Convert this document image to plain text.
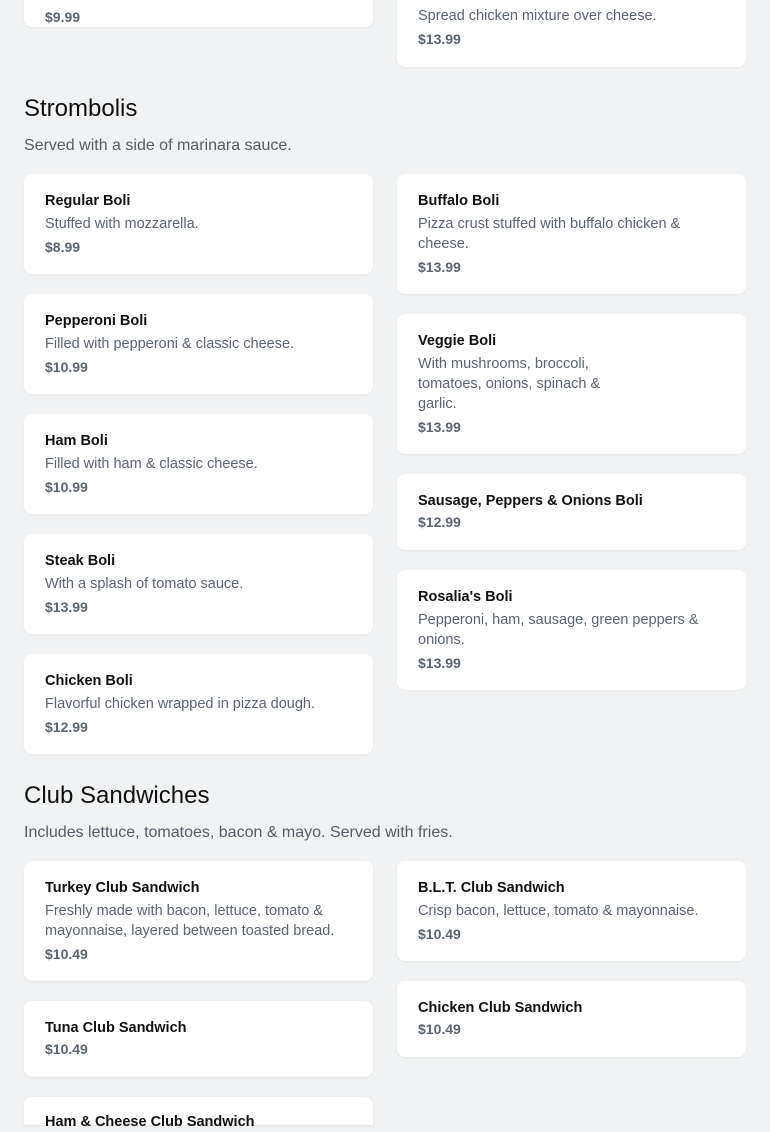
$9.99	Spread chicken mixture over cheese.
$13.99
Strombolis

Served with a side of marinara sauce.

Regular Boli
Stuffed with mozzarella.
$8.99
Buffalo Boli
Pizza crust stuffed with buffalo chicken & cheese.
$13.99
Pepperoni Boli
Filled with pepperoni & classic cheese.
$10.99
Veggie Boli
With mushrooms, broccoli, tomatoes, onions, spinach & garlic.
$13.99
Ham Boli
Filled with ham & classic cheese.
$10.99
Sausage, Peppers & Onions Boli
$12.99
Steak Boli
With a splash of tomato sauce.
$13.99
Rosalia's Boli
Pepperoni, ham, sausage, green peppers & onions.
$13.99
Chicken Boli
Flavorful chicken wrapped in pizza dough.
$12.99
Club Sandwiches

Includes lettuce, tomatoes, bacon & mayo. Served with fries.

Turkey Club Sandwich
Freshly made with bacon, lettuce, tomato & mayonnaise, layered between toasted bread.
$10.49
B.L.T. Club Sandwich
Crisp bacon, lettuce, tomato & mayonnaise.
$10.49
Tuna Club Sandwich
$10.49
Chicken Club Sandwich
$10.49
Ham & Cheese Club Sandwich
